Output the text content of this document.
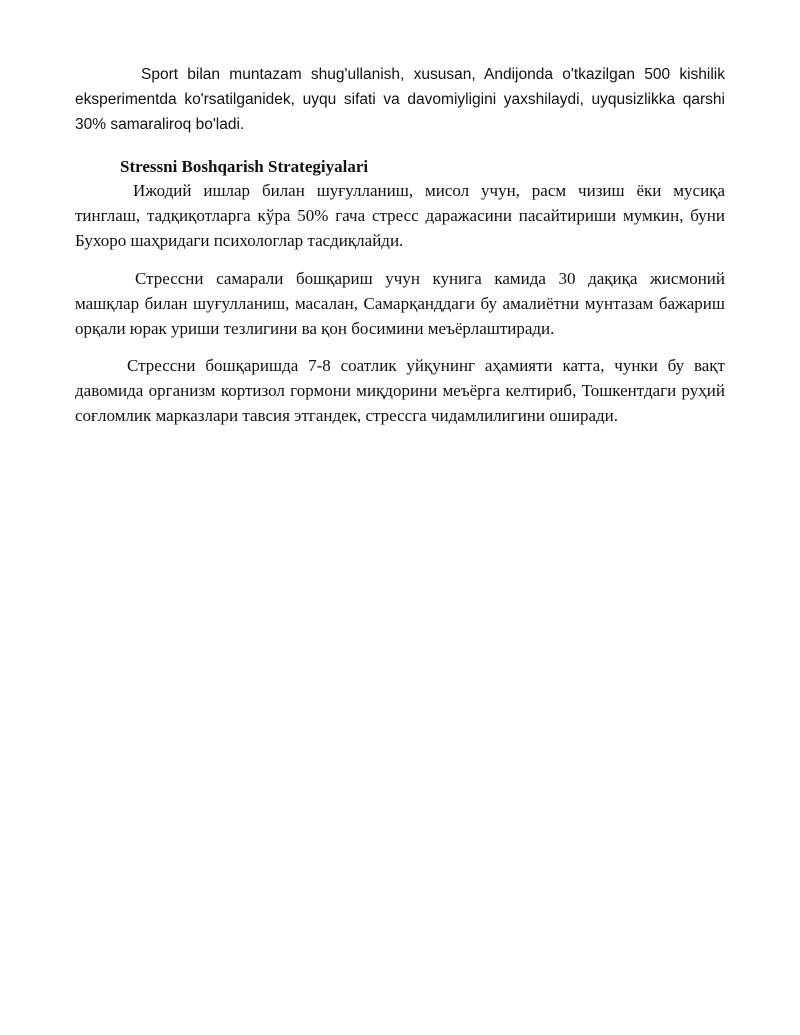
Sport bilan muntazam shug'ullanish, xususan, Andijonda o'tkazilgan 500 kishilik eksperimentda ko'rsatilganidek, uyqu sifati va davomiyligini yaxshilaydi, uyqusizlikka qarshi 30% samaraliroq bo'ladi.

Stressni Boshqarish Strategiyalari

Ижодий ишлар билан шуғулланиш, мисол учун, расм чизиш ёки мусиқа тинглаш, тадқиқотларга кўра 50% гача стресс даражасини пасайтириши мумкин, буни Бухоро шаҳридаги психологлар тасдиқлайди.

Стрессни самарали бошқариш учун кунига камида 30 дақиқа жисмоний машқлар билан шуғулланиш, масалан, Самарқанддаги бу амалиётни мунтазам бажариш орқали юрак уриши тезлигини ва қон босимини меъёрлаштиради.

Стрессни бошқаришда 7-8 соатлик уйқунинг аҳамияти катта, чунки бу вақт давомида организм кортизол гормони миқдорини меъёрга келтириб, Тошкентдаги руҳий соғломлик марказлари тавсия этгандек, стрессга чидамлилигини оширади.
